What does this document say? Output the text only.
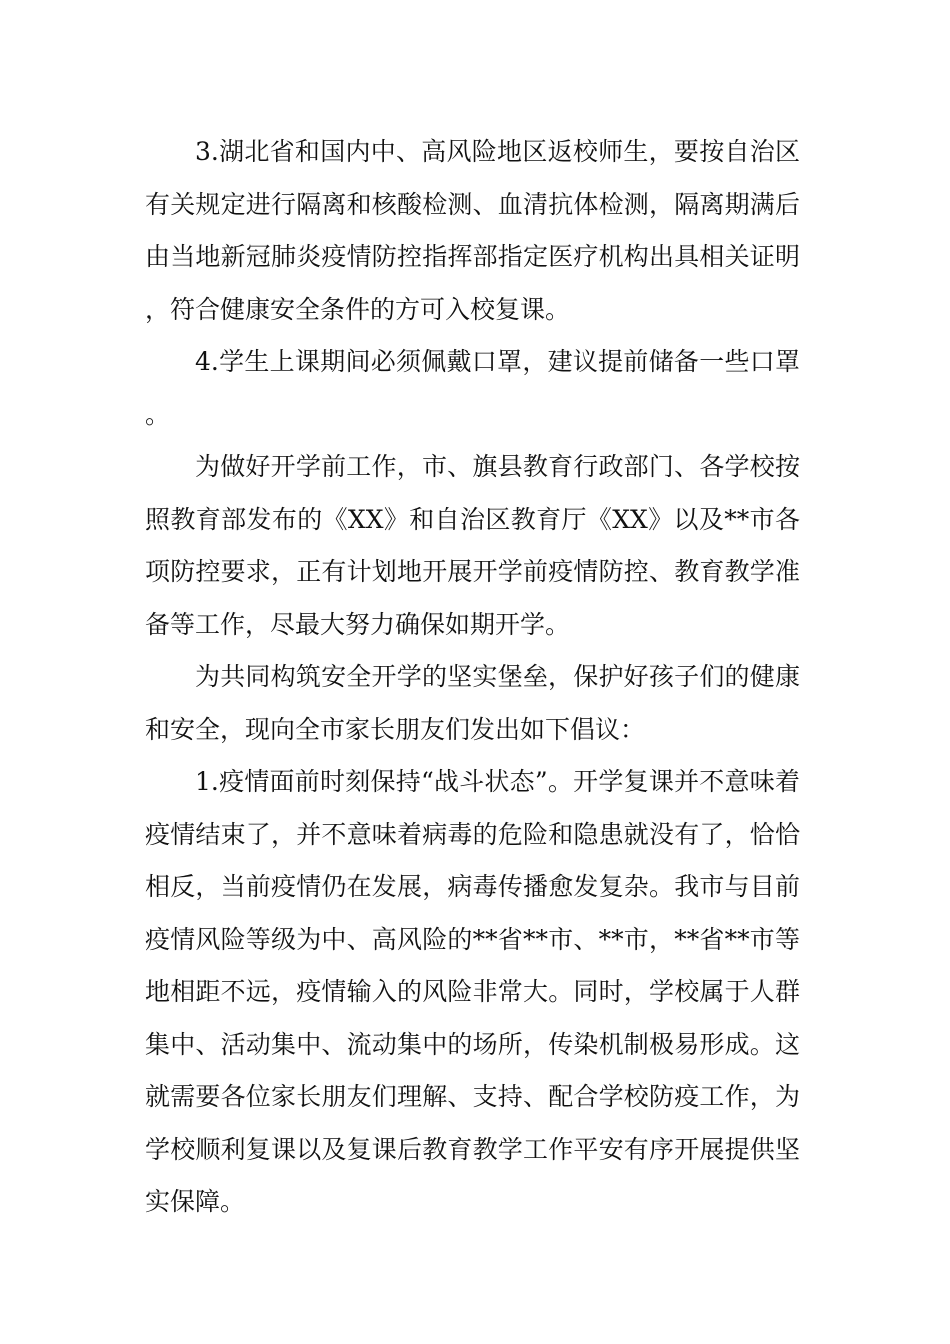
3.湖北省和国内中、高风险地区返校师生，要按自治区有关规定进行隔离和核酸检测、血清抗体检测，隔离期满后由当地新冠肺炎疫情防控指挥部指定医疗机构出具相关证明，符合健康安全条件的方可入校复课。

4.学生上课期间必须佩戴口罩，建议提前储备一些口罩。

为做好开学前工作，市、旗县教育行政部门、各学校按照教育部发布的《XX》和自治区教育厅《XX》以及**市各项防控要求，正有计划地开展开学前疫情防控、教育教学准备等工作，尽最大努力确保如期开学。

为共同构筑安全开学的坚实堡垒，保护好孩子们的健康和安全，现向全市家长朋友们发出如下倡议：

1.疫情面前时刻保持“战斗状态”。开学复课并不意味着疫情结束了，并不意味着病毒的危险和隐患就没有了，恰恰相反，当前疫情仍在发展，病毒传播愈发复杂。我市与目前疫情风险等级为中、高风险的**省**市、**市，**省**市等地相距不远，疫情输入的风险非常大。同时，学校属于人群集中、活动集中、流动集中的场所，传染机制极易形成。这就需要各位家长朋友们理解、支持、配合学校防疫工作，为学校顺利复课以及复课后教育教学工作平安有序开展提供坚实保障。
